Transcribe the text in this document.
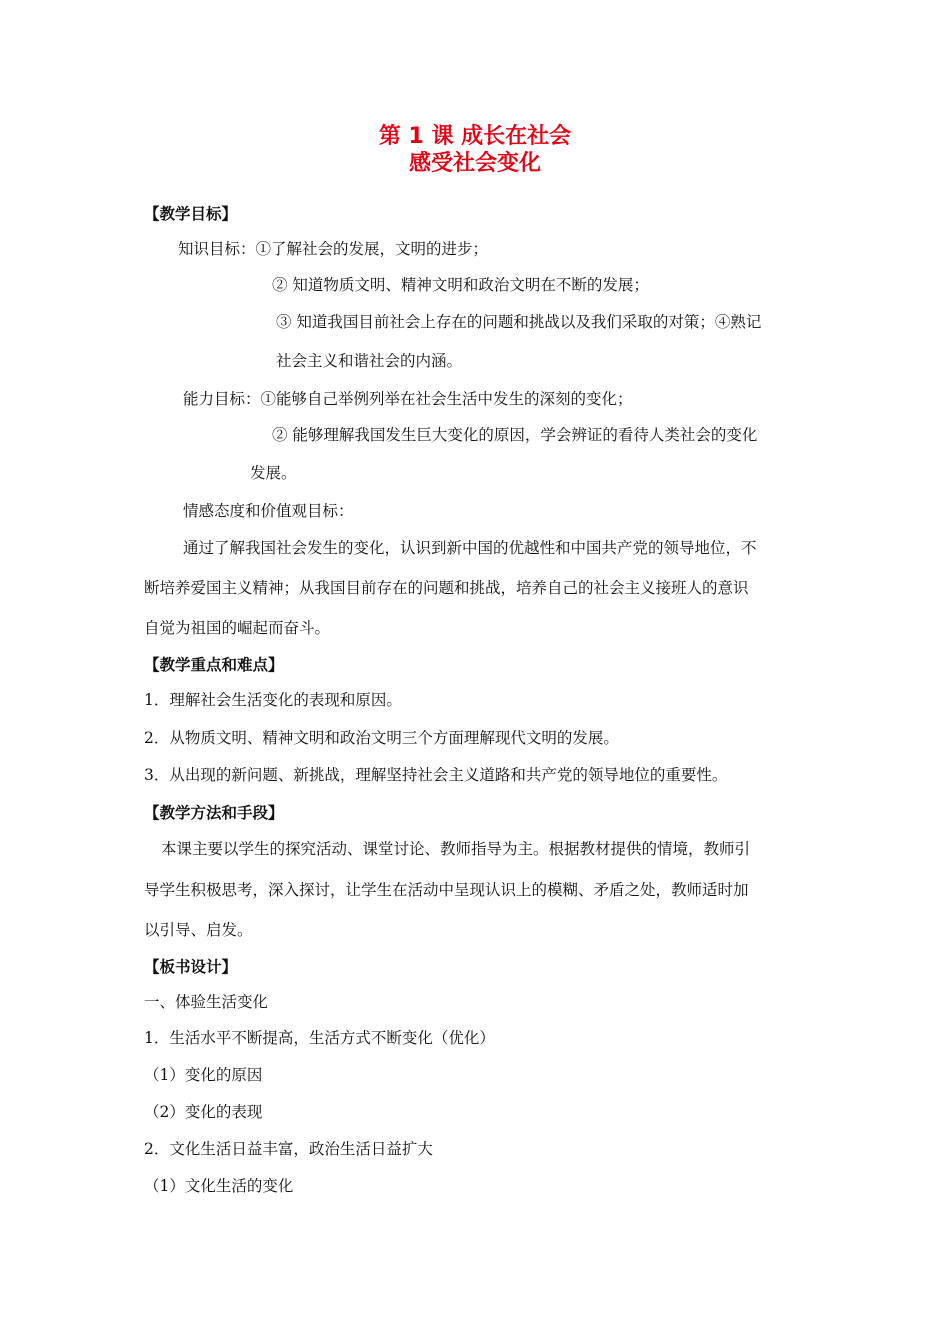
第 1 课 成长在社会
感受社会变化
【教学目标】
知识目标：①了解社会的发展，文明的进步；
② 知道物质文明、精神文明和政治文明在不断的发展；
③ 知道我国目前社会上存在的问题和挑战以及我们采取的对策；④熟记
社会主义和谐社会的内涵。
能力目标：①能够自己举例列举在社会生活中发生的深刻的变化；
② 能够理解我国发生巨大变化的原因，学会辨证的看待人类社会的变化
发展。
情感态度和价值观目标：
通过了解我国社会发生的变化，认识到新中国的优越性和中国共产党的领导地位，不
断培养爱国主义精神；从我国目前存在的问题和挑战，培养自己的社会主义接班人的意识
自觉为祖国的崛起而奋斗。
【教学重点和难点】
1．理解社会生活变化的表现和原因。
2．从物质文明、精神文明和政治文明三个方面理解现代文明的发展。
3．从出现的新问题、新挑战，理解坚持社会主义道路和共产党的领导地位的重要性。
【教学方法和手段】
本课主要以学生的探究活动、课堂讨论、教师指导为主。根据教材提供的情境，教师引
导学生积极思考，深入探讨，让学生在活动中呈现认识上的模糊、矛盾之处，教师适时加
以引导、启发。
【板书设计】
一、体验生活变化
1．生活水平不断提高，生活方式不断变化（优化）
（1）变化的原因
（2）变化的表现
2．文化生活日益丰富，政治生活日益扩大
（1）文化生活的变化
